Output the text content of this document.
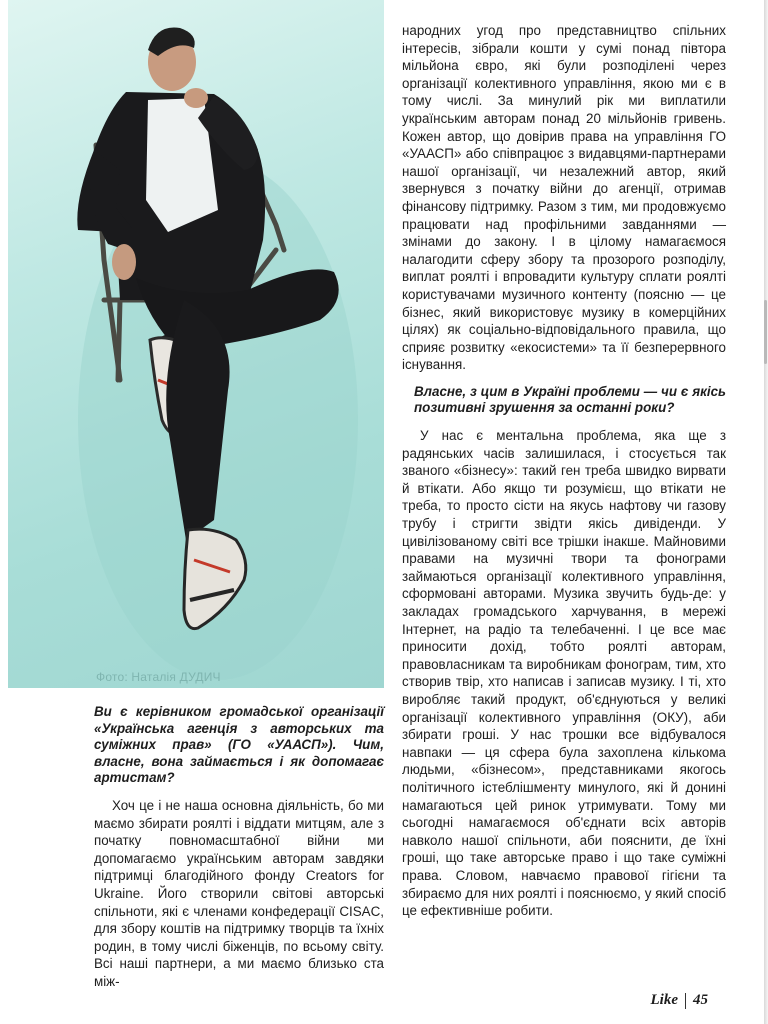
Фото: Наталія ДУДИЧ

Ви є керівником громадської організації «Українська агенція з авторських та суміжних прав» (ГО «УААСП»). Чим, власне, вона займається і як допомагає артистам?

Хоч це і не наша основна діяльність, бо ми маємо збирати роялті і віддати митцям, але з початку повномасштабної війни ми допомагаємо українським авторам завдяки підтримці благодійного фонду Creators for Ukraine. Його створили світові авторські спільноти, які є членами конфедерації CISAC, для збору коштів на підтримку творців та їхніх родин, в тому числі біженців, по всьому світу. Всі наші партнери, а ми маємо близько ста між-

народних угод про представництво спільних інтересів, зібрали кошти у сумі понад півтора мільйона євро, які були розподілені через організації колективного управління, якою ми є в тому числі. За минулий рік ми виплатили українським авторам понад 20 мільйонів гривень. Кожен автор, що довірив права на управління ГО «УААСП» або співпрацює з видавцями-партнерами нашої організації, чи незалежний автор, який звернувся з початку війни до агенції, отримав фінансову підтримку. Разом з тим, ми продовжуємо працювати над профільними завданнями — змінами до закону. І в цілому намагаємося налагодити сферу збору та прозорого розподілу, виплат роялті і впровадити культуру сплати роялті користувачами музичного контенту (поясню — це бізнес, який використовує музику в комерційних цілях) як соціально-відповідального правила, що сприяє розвитку «екосистеми» та її безперервного існування.

Власне, з цим в Україні проблеми — чи є якісь позитивні зрушення за останні роки?

У нас є ментальна проблема, яка ще з радянських часів залишилася, і стосується так званого «бізнесу»: такий ген треба швидко вирвати й втікати. Або якщо ти розумієш, що втікати не треба, то просто сісти на якусь нафтову чи газову трубу і стригти звідти якісь дивіденди. У цивілізованому світі все трішки інакше. Майновими правами на музичні твори та фонограми займаються організації колективного управління, сформовані авторами. Музика звучить будь-де: у закладах громадського харчування, в мережі Інтернет, на радіо та телебаченні. І це все має приносити дохід, тобто роялті авторам, правовласникам та виробникам фонограм, тим, хто створив твір, хто написав і записав музику. І ті, хто виробляє такий продукт, об'єднуються у великі організації колективного управління (ОКУ), аби збирати гроші. У нас трошки все відбувалося навпаки — ця сфера була захоплена кількома людьми, «бізнесом», представниками якогось політичного істеблішменту минулого, які й донині намагаються цей ринок утримувати. Тому ми сьогодні намагаємося об'єднати всіх авторів навколо нашої спільноти, аби пояснити, де їхні гроші, що таке авторське право і що таке суміжні права. Словом, навчаємо правової гігієни та збираємо для них роялті і пояснюємо, у який спосіб це ефективніше робити.

Like 45
